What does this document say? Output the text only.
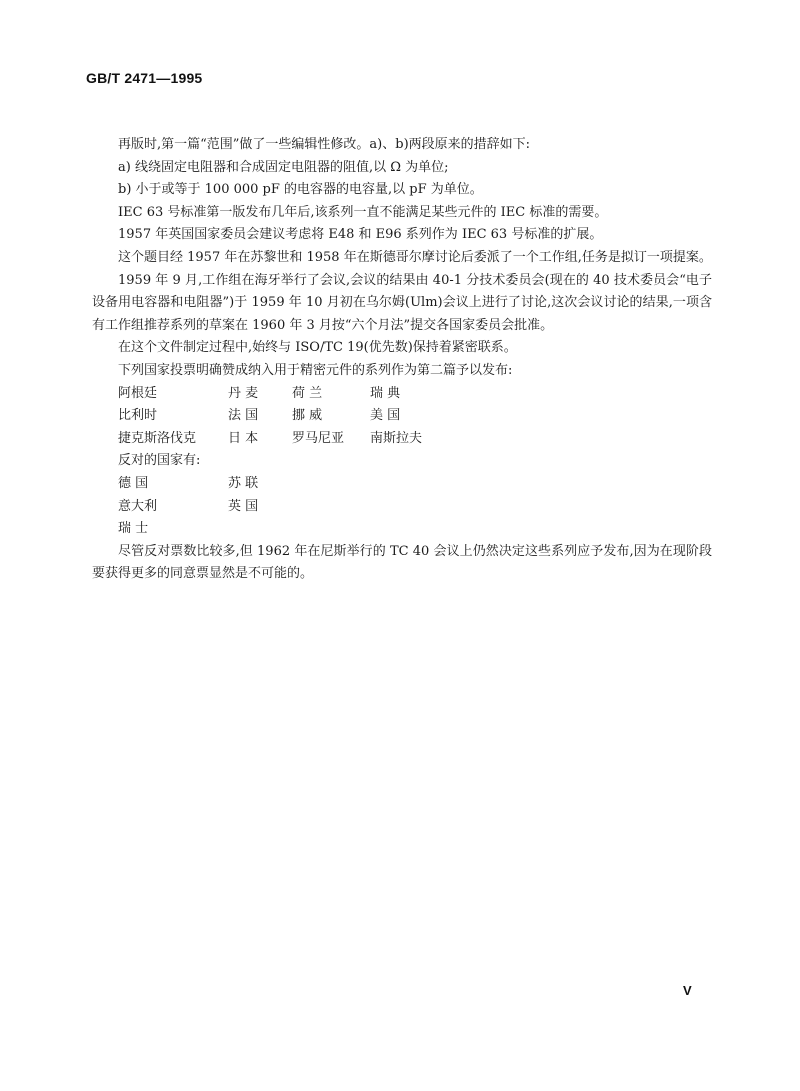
GB/T 2471—1995

再版时,第一篇“范围”做了一些编辑性修改。a)、b)两段原来的措辞如下:

a) 线绕固定电阻器和合成固定电阻器的阻值,以 Ω 为单位;

b) 小于或等于 100 000 pF 的电容器的电容量,以 pF 为单位。

IEC 63 号标准第一版发布几年后,该系列一直不能满足某些元件的 IEC 标准的需要。

1957 年英国国家委员会建议考虑将 E48 和 E96 系列作为 IEC 63 号标准的扩展。

这个题目经 1957 年在苏黎世和 1958 年在斯德哥尔摩讨论后委派了一个工作组,任务是拟订一项提案。

1959 年 9 月,工作组在海牙举行了会议,会议的结果由 40-1 分技术委员会(现在的 40 技术委员会“电子设备用电容器和电阻器”)于 1959 年 10 月初在乌尔姆(Ulm)会议上进行了讨论,这次会议讨论的结果,一项含有工作组推荐系列的草案在 1960 年 3 月按“六个月法”提交各国家委员会批准。

在这个文件制定过程中,始终与 ISO/TC 19(优先数)保持着紧密联系。

下列国家投票明确赞成纳入用于精密元件的系列作为第二篇予以发布:

阿根廷	丹 麦	荷 兰	瑞 典
比利时	法 国	挪 威	美 国
捷克斯洛伐克	日 本	罗马尼亚	南斯拉夫

反对的国家有:

德 国	苏 联
意大利	英 国
瑞 士	

尽管反对票数比较多,但 1962 年在尼斯举行的 TC 40 会议上仍然决定这些系列应予发布,因为在现阶段要获得更多的同意票显然是不可能的。

V
